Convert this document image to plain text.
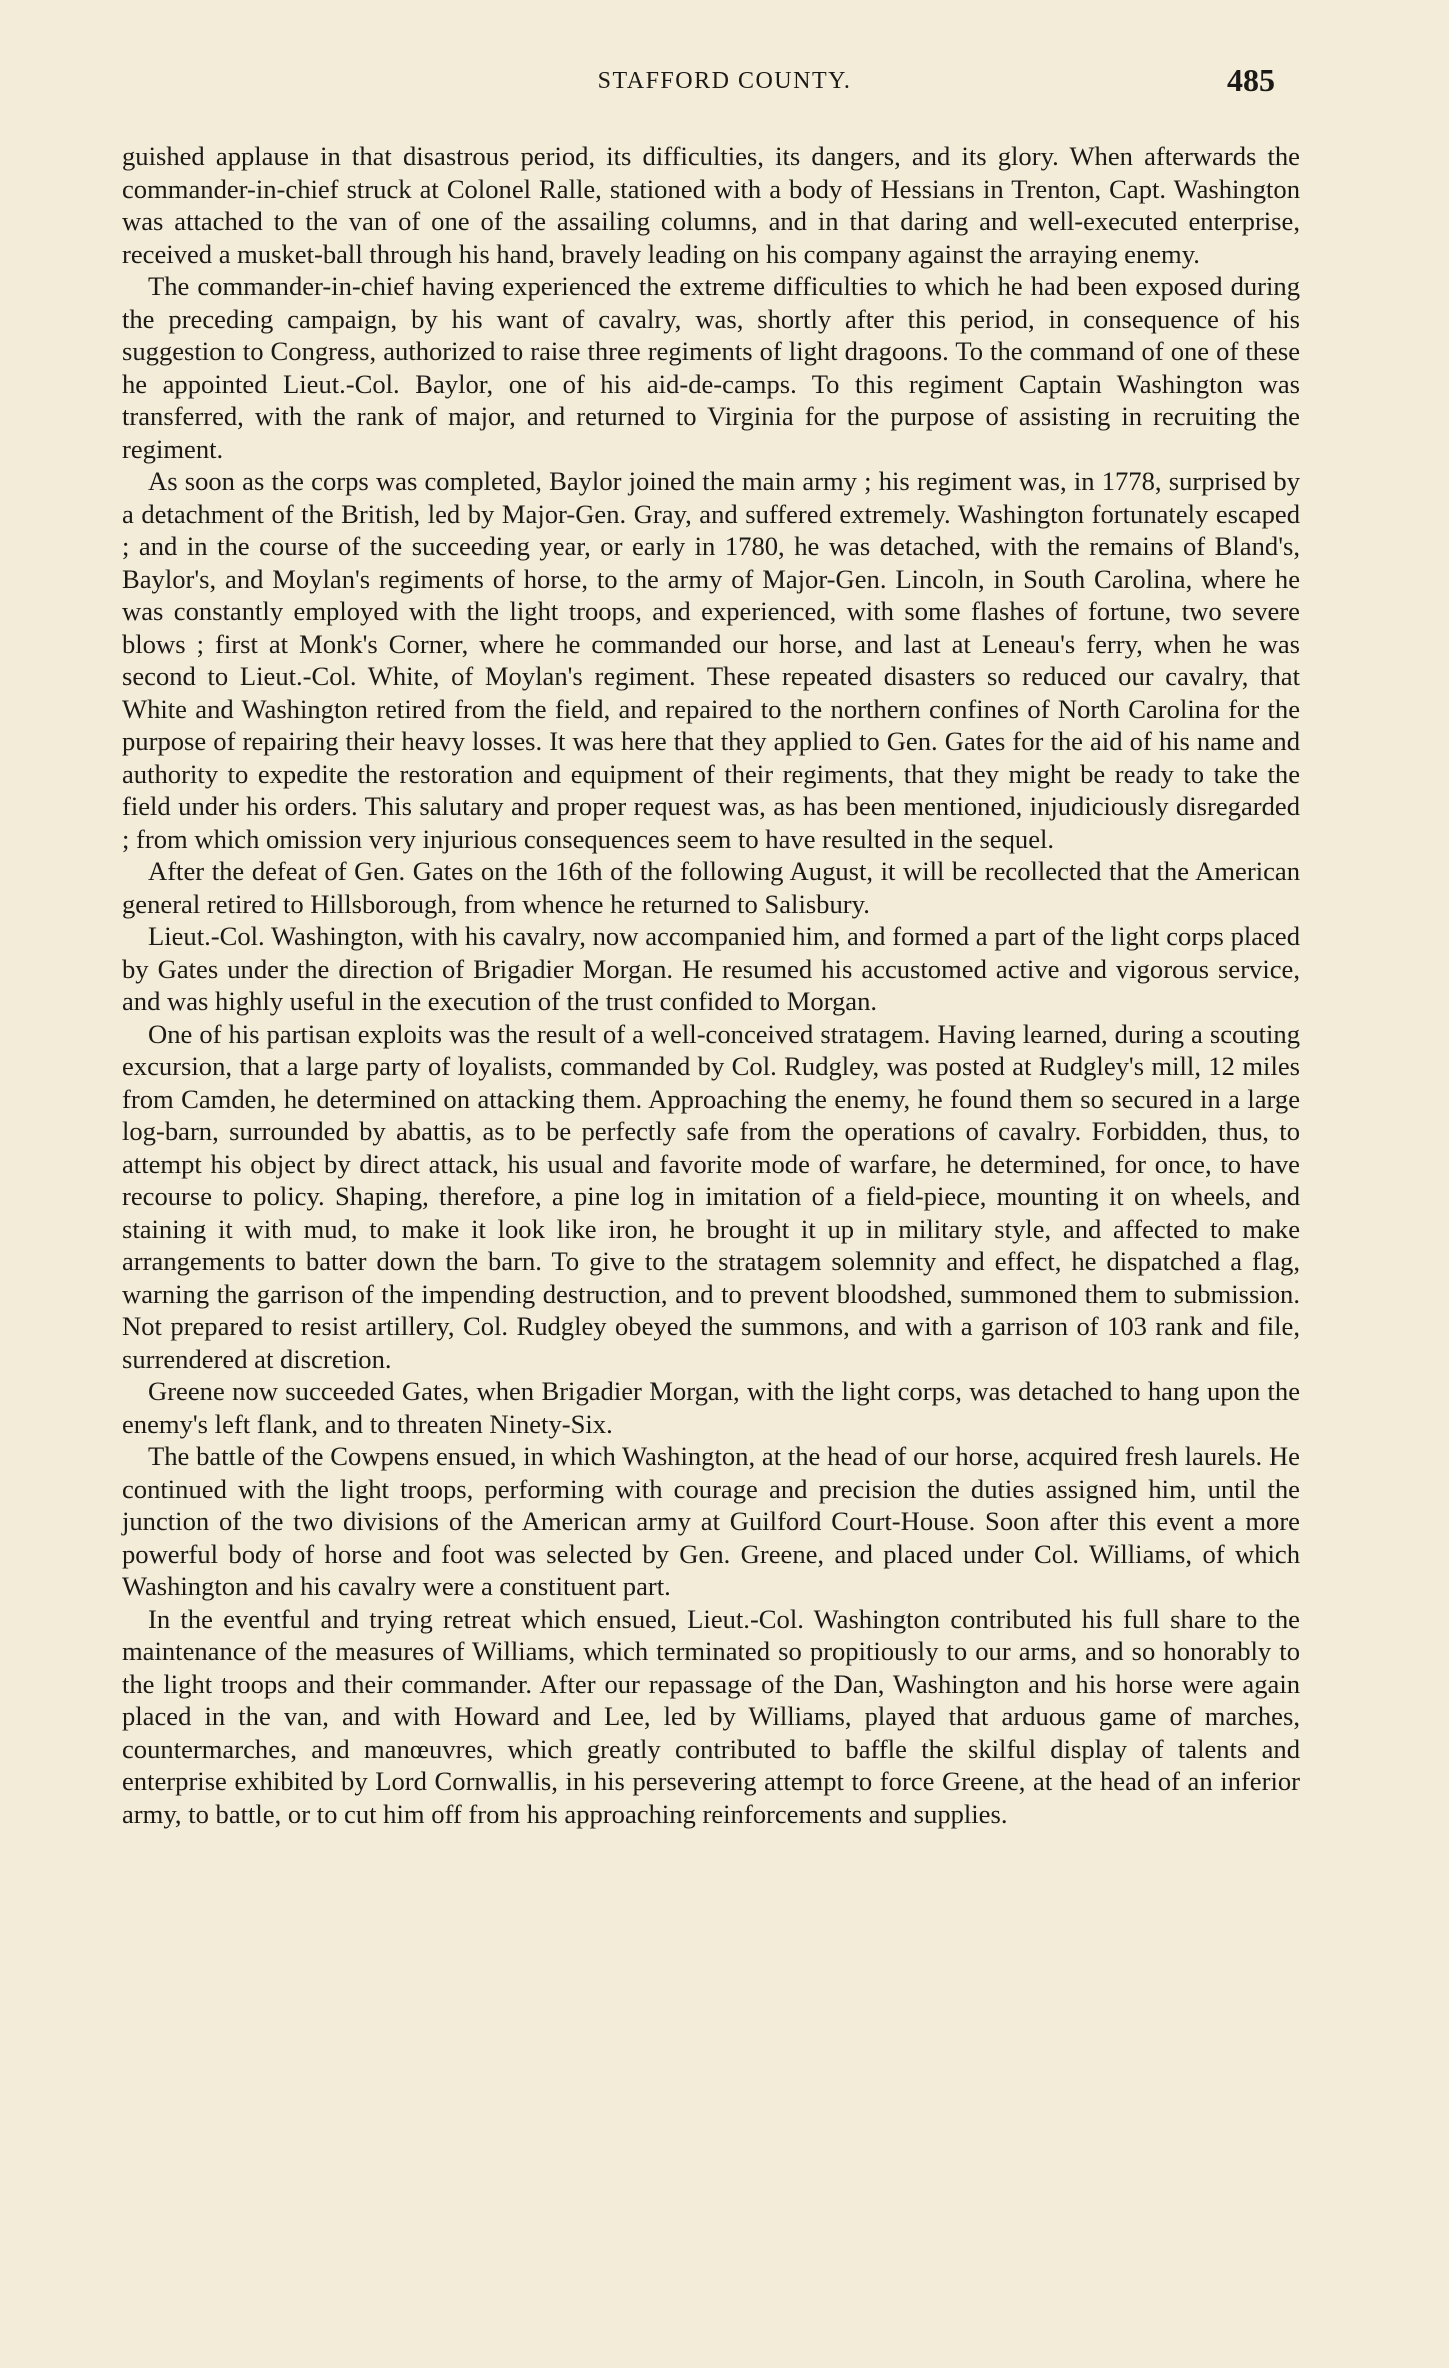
STAFFORD COUNTY.	485

guished applause in that disastrous period, its difficulties, its dangers, and its glory. When afterwards the commander-in-chief struck at Colonel Ralle, stationed with a body of Hessians in Trenton, Capt. Washington was attached to the van of one of the assailing columns, and in that daring and well-executed enterprise, received a musket-ball through his hand, bravely leading on his company against the arraying enemy.

The commander-in-chief having experienced the extreme difficulties to which he had been exposed during the preceding campaign, by his want of cavalry, was, shortly after this period, in consequence of his suggestion to Congress, authorized to raise three regiments of light dragoons. To the command of one of these he appointed Lieut.-Col. Baylor, one of his aid-de-camps. To this regiment Captain Washington was transferred, with the rank of major, and returned to Virginia for the purpose of assisting in recruiting the regiment.

As soon as the corps was completed, Baylor joined the main army ; his regiment was, in 1778, surprised by a detachment of the British, led by Major-Gen. Gray, and suffered extremely. Washington fortunately escaped ; and in the course of the succeeding year, or early in 1780, he was detached, with the remains of Bland's, Baylor's, and Moylan's regiments of horse, to the army of Major-Gen. Lincoln, in South Carolina, where he was constantly employed with the light troops, and experienced, with some flashes of fortune, two severe blows ; first at Monk's Corner, where he commanded our horse, and last at Leneau's ferry, when he was second to Lieut.-Col. White, of Moylan's regiment. These repeated disasters so reduced our cavalry, that White and Washington retired from the field, and repaired to the northern confines of North Carolina for the purpose of repairing their heavy losses. It was here that they applied to Gen. Gates for the aid of his name and authority to expedite the restoration and equipment of their regiments, that they might be ready to take the field under his orders. This salutary and proper request was, as has been mentioned, injudiciously disregarded ; from which omission very injurious consequences seem to have resulted in the sequel.

After the defeat of Gen. Gates on the 16th of the following August, it will be recollected that the American general retired to Hillsborough, from whence he returned to Salisbury.

Lieut.-Col. Washington, with his cavalry, now accompanied him, and formed a part of the light corps placed by Gates under the direction of Brigadier Morgan. He resumed his accustomed active and vigorous service, and was highly useful in the execution of the trust confided to Morgan.

One of his partisan exploits was the result of a well-conceived stratagem. Having learned, during a scouting excursion, that a large party of loyalists, commanded by Col. Rudgley, was posted at Rudgley's mill, 12 miles from Camden, he determined on attacking them. Approaching the enemy, he found them so secured in a large log-barn, surrounded by abattis, as to be perfectly safe from the operations of cavalry. Forbidden, thus, to attempt his object by direct attack, his usual and favorite mode of warfare, he determined, for once, to have recourse to policy. Shaping, therefore, a pine log in imitation of a field-piece, mounting it on wheels, and staining it with mud, to make it look like iron, he brought it up in military style, and affected to make arrangements to batter down the barn. To give to the stratagem solemnity and effect, he dispatched a flag, warning the garrison of the impending destruction, and to prevent bloodshed, summoned them to submission. Not prepared to resist artillery, Col. Rudgley obeyed the summons, and with a garrison of 103 rank and file, surrendered at discretion.

Greene now succeeded Gates, when Brigadier Morgan, with the light corps, was detached to hang upon the enemy's left flank, and to threaten Ninety-Six.

The battle of the Cowpens ensued, in which Washington, at the head of our horse, acquired fresh laurels. He continued with the light troops, performing with courage and precision the duties assigned him, until the junction of the two divisions of the American army at Guilford Court-House. Soon after this event a more powerful body of horse and foot was selected by Gen. Greene, and placed under Col. Williams, of which Washington and his cavalry were a constituent part.

In the eventful and trying retreat which ensued, Lieut.-Col. Washington contributed his full share to the maintenance of the measures of Williams, which terminated so propitiously to our arms, and so honorably to the light troops and their commander. After our repassage of the Dan, Washington and his horse were again placed in the van, and with Howard and Lee, led by Williams, played that arduous game of marches, countermarches, and manœuvres, which greatly contributed to baffle the skilful display of talents and enterprise exhibited by Lord Cornwallis, in his persevering attempt to force Greene, at the head of an inferior army, to battle, or to cut him off from his approaching reinforcements and supplies.
